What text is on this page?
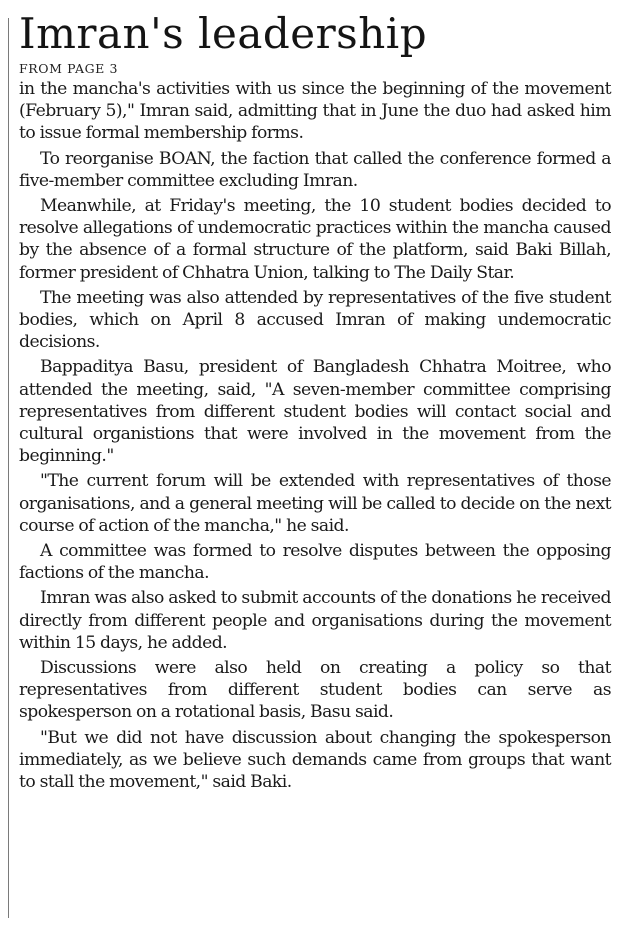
Imran's leadership
FROM PAGE 3

in the mancha's activities with us since the beginning of the movement (February 5)," Imran said, admitting that in June the duo had asked him to issue formal membership forms.

To reorganise BOAN, the faction that called the conference formed a five-member committee excluding Imran.

Meanwhile, at Friday's meeting, the 10 student bodies decided to resolve allegations of undemocratic practices within the mancha caused by the absence of a formal structure of the platform, said Baki Billah, former president of Chhatra Union, talking to The Daily Star.

The meeting was also attended by representatives of the five student bodies, which on April 8 accused Imran of making undemocratic decisions.

Bappaditya Basu, president of Bangladesh Chhatra Moitree, who attended the meeting, said, "A seven-member committee comprising representatives from different student bodies will contact social and cultural organistions that were involved in the movement from the beginning."

"The current forum will be extended with representatives of those organisations, and a general meeting will be called to decide on the next course of action of the mancha," he said.

A committee was formed to resolve disputes between the opposing factions of the mancha.

Imran was also asked to submit accounts of the donations he received directly from different people and organisations during the movement within 15 days, he added.

Discussions were also held on creating a policy so that representatives from different student bodies can serve as spokesperson on a rotational basis, Basu said.

"But we did not have discussion about changing the spokesperson immediately, as we believe such demands came from groups that want to stall the movement," said Baki.
